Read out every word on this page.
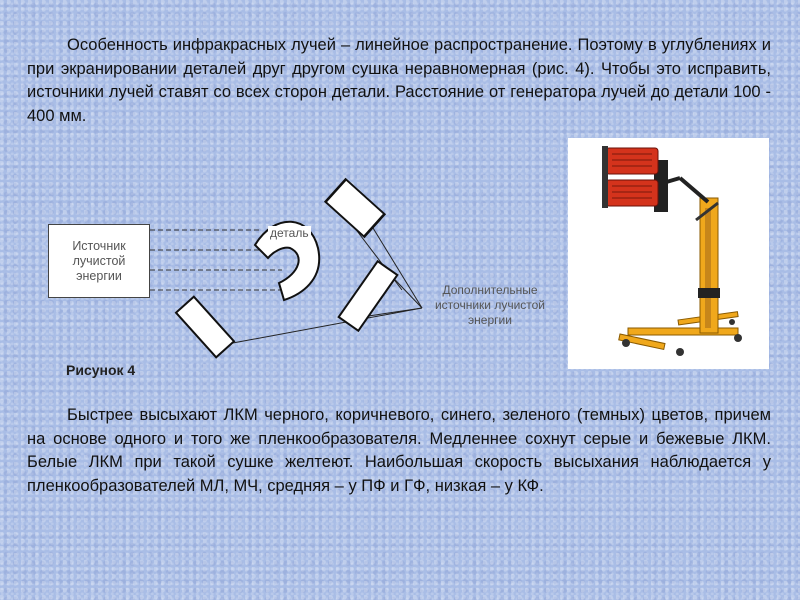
Особенность инфракрасных лучей – линейное распространение. Поэтому в углублениях и при экранировании деталей друг другом сушка неравномерная (рис. 4). Чтобы это исправить, источники лучей ставят со всех сторон детали. Расстояние от генератора лучей до детали 100 - 400 мм.

Источник лучистой энергии
деталь
Дополнительные источники лучистой энергии
Рисунок 4

Быстрее высыхают ЛКМ черного, коричневого, синего, зеленого (темных) цветов, причем на основе одного и того же пленкообразователя. Медленнее сохнут серые и бежевые ЛКМ. Белые ЛКМ при такой сушке желтеют. Наибольшая скорость высыхания наблюдается у пленкообразователей МЛ, МЧ, средняя – у ПФ и ГФ, низкая – у КФ.
